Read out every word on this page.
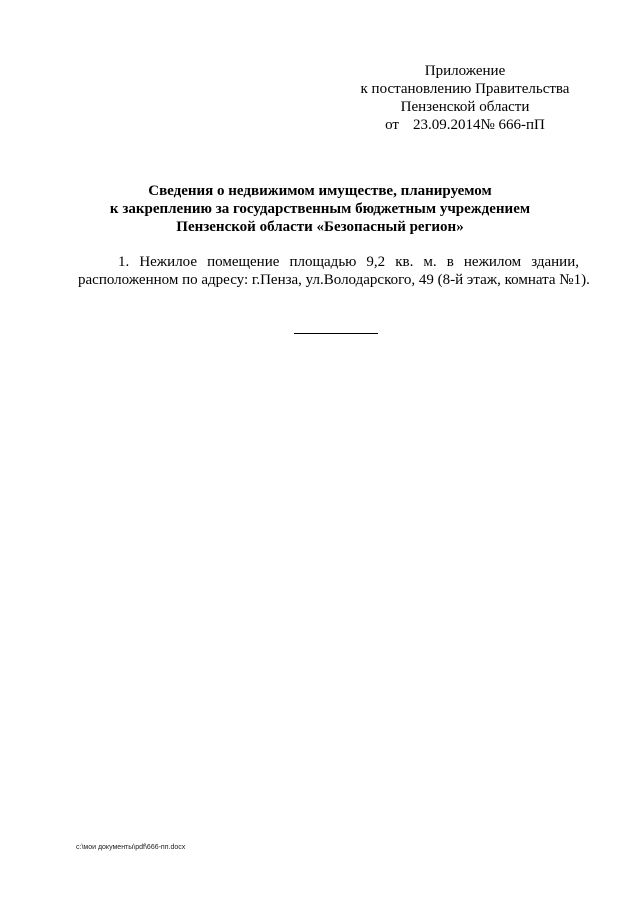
Приложение
к постановлению Правительства
Пензенской области
от 23.09.2014№ 666-пП
Сведения о недвижимом имуществе, планируемом
к закреплению за государственным бюджетным учреждением
Пензенской области «Безопасный регион»
1. Нежилое помещение площадью 9,2 кв. м. в нежилом здании,
расположенном по адресу: г.Пенза, ул.Володарского, 49 (8-й этаж, комната №1).
c:\мои документы\pdf\666-пп.docx
